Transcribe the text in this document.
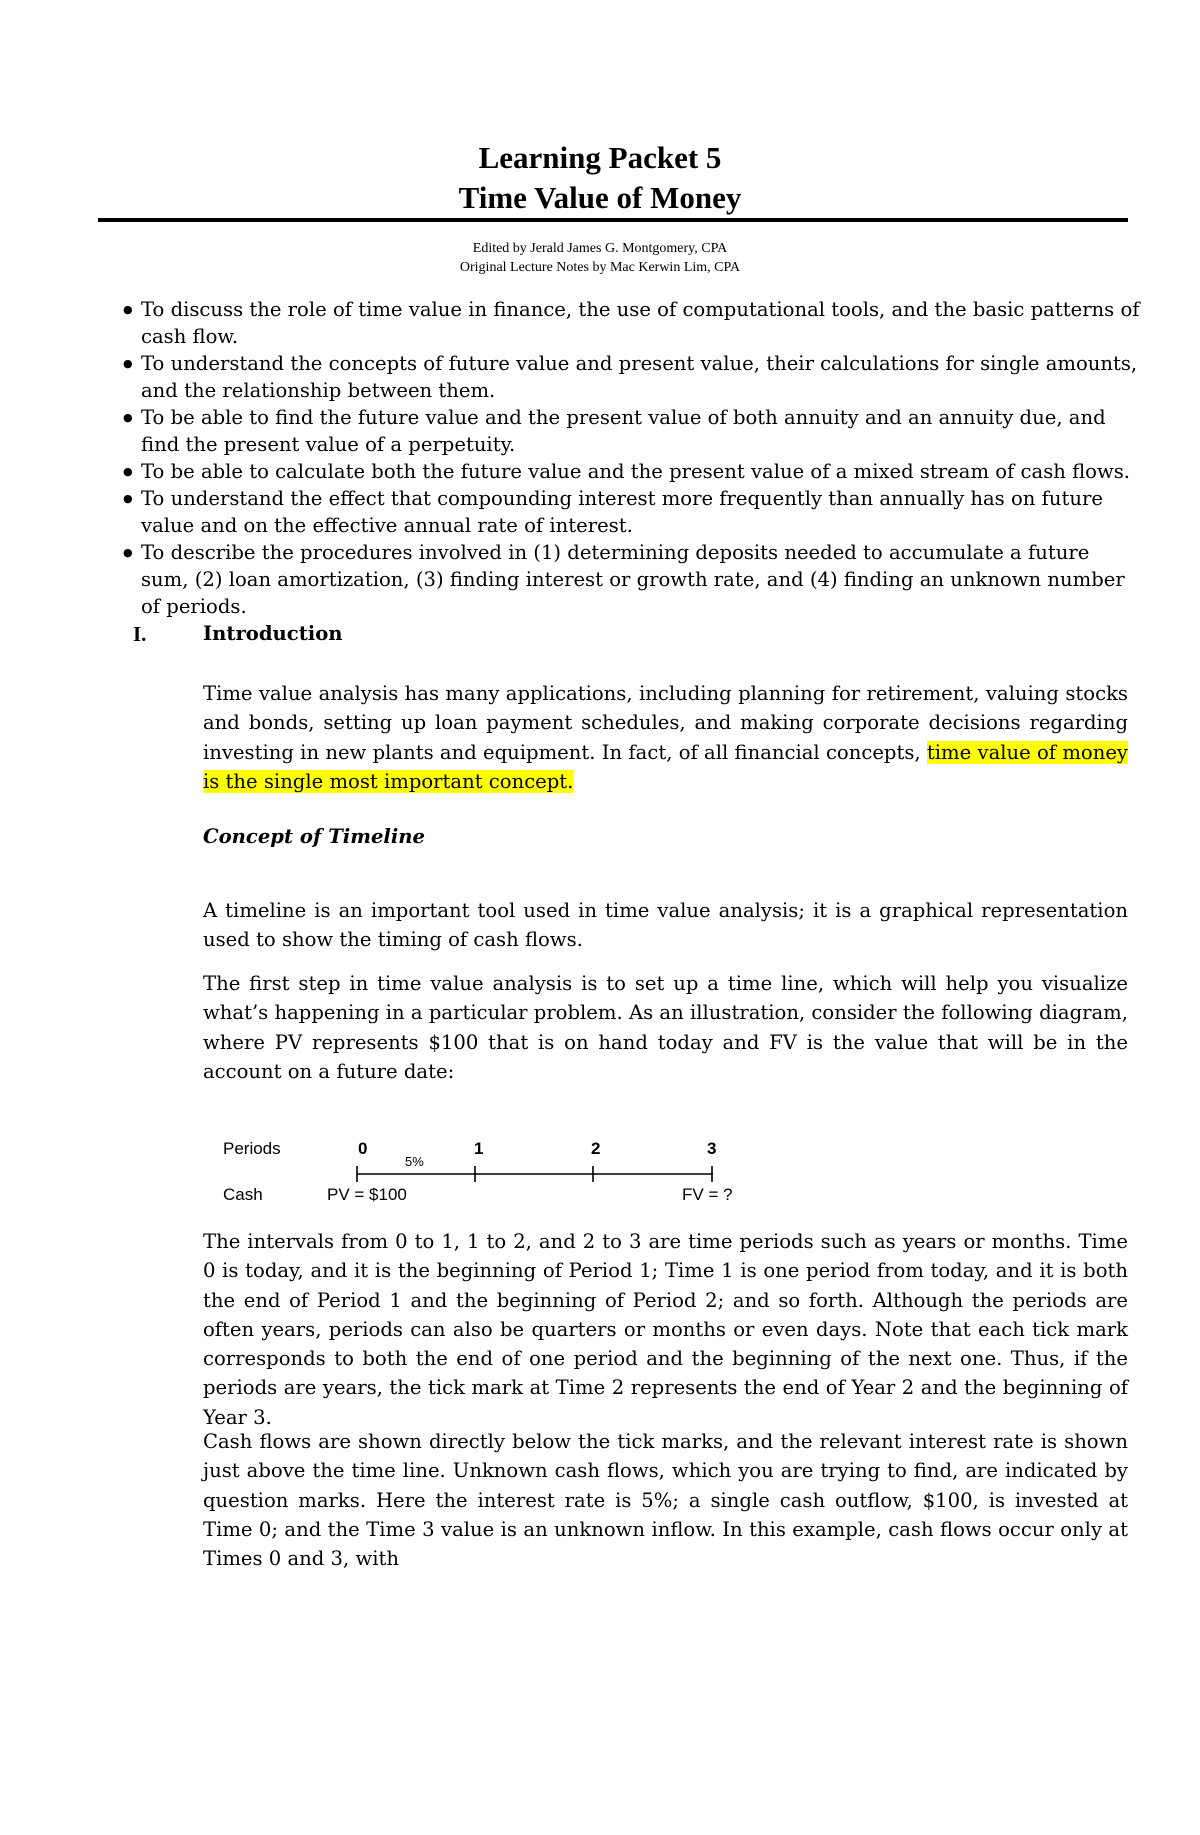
Learning Packet 5
Time Value of Money
Edited by Jerald James G. Montgomery, CPA
Original Lecture Notes by Mac Kerwin Lim, CPA
● To discuss the role of time value in finance, the use of computational tools, and the basic patterns of cash flow.
● To understand the concepts of future value and present value, their calculations for single amounts, and the relationship between them.
● To be able to find the future value and the present value of both annuity and an annuity due, and find the present value of a perpetuity.
● To be able to calculate both the future value and the present value of a mixed stream of cash flows.
● To understand the effect that compounding interest more frequently than annually has on future value and on the effective annual rate of interest.
● To describe the procedures involved in (1) determining deposits needed to accumulate a future sum, (2) loan amortization, (3) finding interest or growth rate, and (4) finding an unknown number of periods.
I.	Introduction

Time value analysis has many applications, including planning for retirement, valuing stocks and bonds, setting up loan payment schedules, and making corporate decisions regarding investing in new plants and equipment. In fact, of all financial concepts, time value of money is the single most important concept.

Concept of Timeline

A timeline is an important tool used in time value analysis; it is a graphical representation used to show the timing of cash flows.

The first step in time value analysis is to set up a time line, which will help you visualize what’s happening in a particular problem. As an illustration, consider the following diagram, where PV represents $100 that is on hand today and FV is the value that will be in the account on a future date:

Periods
Cash
0	1	2	3
5%
PV = $100	FV = ?

The intervals from 0 to 1, 1 to 2, and 2 to 3 are time periods such as years or months. Time 0 is today, and it is the beginning of Period 1; Time 1 is one period from today, and it is both the end of Period 1 and the beginning of Period 2; and so forth. Although the periods are often years, periods can also be quarters or months or even days. Note that each tick mark corresponds to both the end of one period and the beginning of the next one. Thus, if the periods are years, the tick mark at Time 2 represents the end of Year 2 and the beginning of Year 3.

Cash flows are shown directly below the tick marks, and the relevant interest rate is shown just above the time line. Unknown cash flows, which you are trying to find, are indicated by question marks. Here the interest rate is 5%; a single cash outflow, $100, is invested at Time 0; and the Time 3 value is an unknown inflow. In this example, cash flows occur only at Times 0 and 3, with
